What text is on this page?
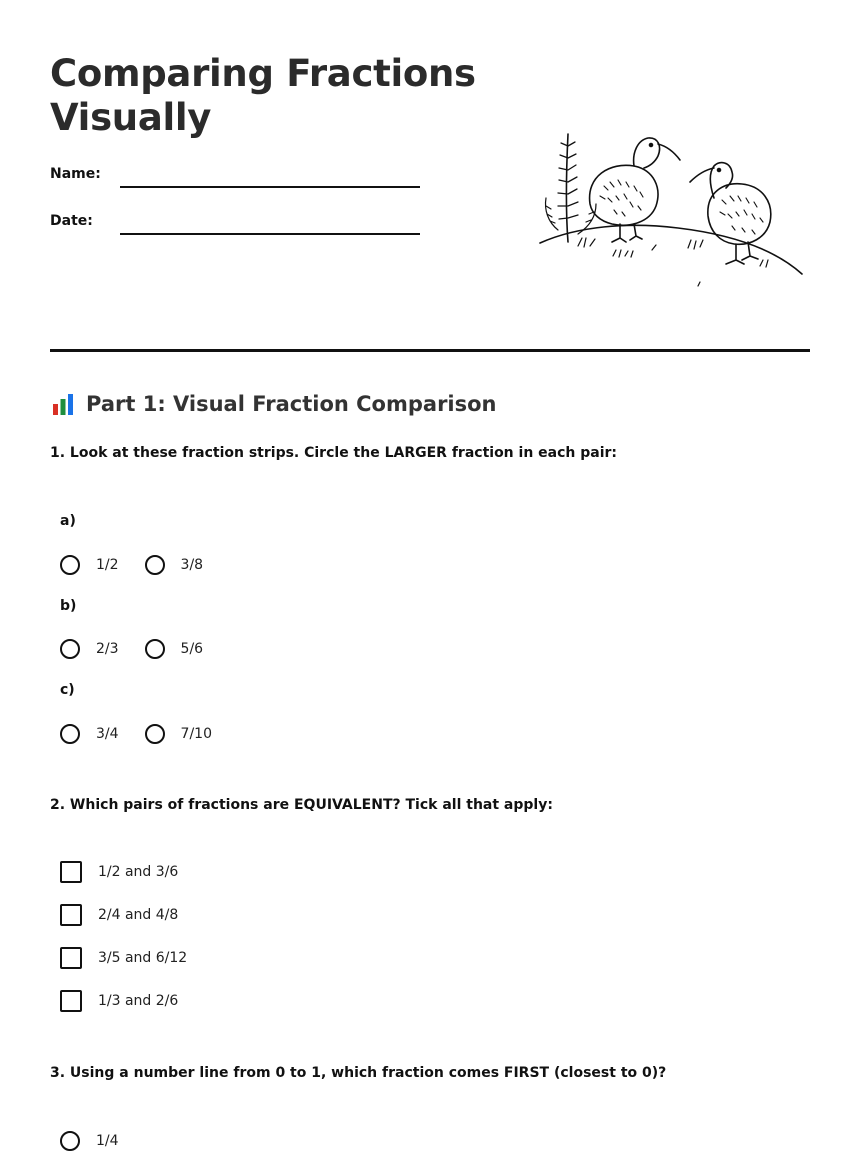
Comparing Fractions
Visually
Name:
Date:
Part 1: Visual Fraction Comparison
1. Look at these fraction strips. Circle the LARGER fraction in each pair:
a)
1/2	3/8
b)
2/3	5/6
c)
3/4	7/10
2. Which pairs of fractions are EQUIVALENT? Tick all that apply:
1/2 and 3/6
2/4 and 4/8
3/5 and 6/12
1/3 and 2/6
3. Using a number line from 0 to 1, which fraction comes FIRST (closest to 0)?
1/4
